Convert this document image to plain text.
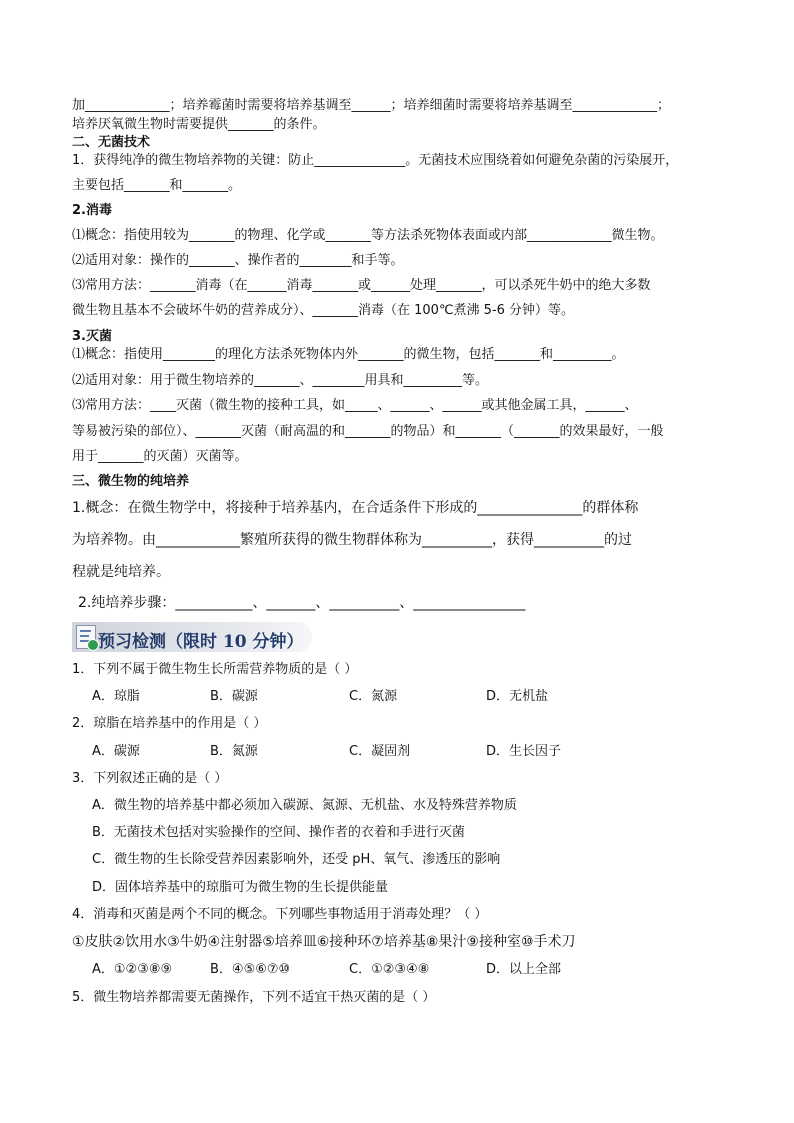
加_____________；培养霉菌时需要将培养基调至______；培养细菌时需要将培养基调至_____________；
培养厌氧微生物时需要提供_______的条件。
二、无菌技术
1．获得纯净的微生物培养物的关键：防止______________。无菌技术应围绕着如何避免杂菌的污染展开，
主要包括_______和_______。
2.消毒
⑴概念：指使用较为_______的物理、化学或_______等方法杀死物体表面或内部_____________微生物。
⑵适用对象：操作的_______、操作者的________和手等。
⑶常用方法：_______消毒（在______消毒_______或______处理_______，可以杀死牛奶中的绝大多数
微生物且基本不会破坏牛奶的营养成分）、_______消毒（在 100℃煮沸 5-6 分钟）等。
3.灭菌
⑴概念：指使用________的理化方法杀死物体内外_______的微生物，包括_______和_________。
⑵适用对象：用于微生物培养的_______、________用具和_________等。
⑶常用方法：____灭菌（微生物的接种工具，如_____、______、______或其他金属工具，______、
等易被污染的部位）、_______灭菌（耐高温的和_______的物品）和_______（_______的效果最好，一般
用于_______的灭菌）灭菌等。
三、微生物的纯培养
1.概念：在微生物学中，将接种于培养基内，在合适条件下形成的_______________的群体称
为培养物。由____________繁殖所获得的微生物群体称为__________，获得__________的过
程就是纯培养。
2.纯培养步骤：___________、_______、__________、________________
预习检测（限时 10 分钟）
1．下列不属于微生物生长所需营养物质的是（ ）
A．琼脂	B．碳源	C．氮源	D．无机盐
2．琼脂在培养基中的作用是（ ）
A．碳源	B．氮源	C．凝固剂	D．生长因子
3．下列叙述正确的是（ ）
A．微生物的培养基中都必须加入碳源、氮源、无机盐、水及特殊营养物质
B．无菌技术包括对实验操作的空间、操作者的衣着和手进行灭菌
C．微生物的生长除受营养因素影响外，还受 pH、氧气、渗透压的影响
D．固体培养基中的琼脂可为微生物的生长提供能量
4．消毒和灭菌是两个不同的概念。下列哪些事物适用于消毒处理？（ ）
①皮肤②饮用水③牛奶④注射器⑤培养皿⑥接种环⑦培养基⑧果汁⑨接种室⑩手术刀
A．①②③⑧⑨	B．④⑤⑥⑦⑩	C．①②③④⑧	D．以上全部
5．微生物培养都需要无菌操作，下列不适宜干热灭菌的是（ ）
